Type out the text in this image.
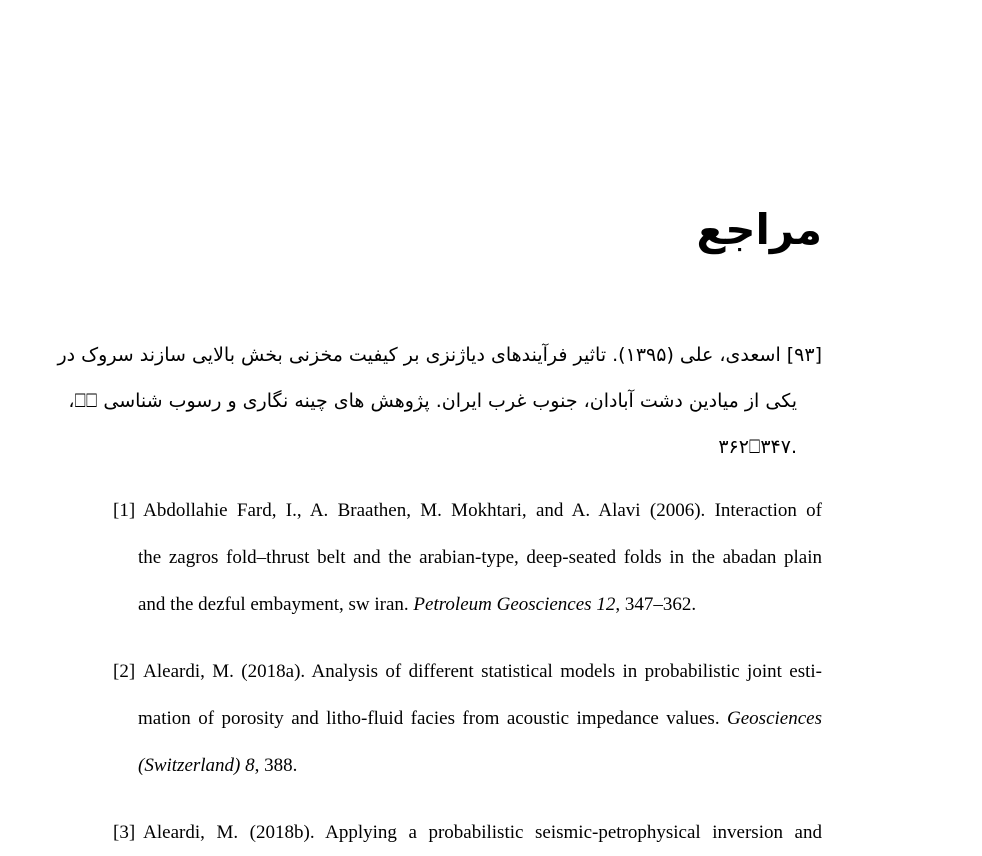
مراجع
[۹۳]اسعدی، علی (۱۳۹۵). تاثیر فرآیندهای دیاژنزی بر کیفیت مخزنی بخش بالایی سازند سروک در
یکی از میادین دشت آبادان، جنوب غرب ایران. پژوهش های چینه نگاری و رسوب شناسی ⎕⎕،
.۳۶۲⎕۳۴۷
[1] Abdollahie Fard, I., A. Braathen, M. Mokhtari, and A. Alavi (2006). Interaction of
the zagros fold–thrust belt and the arabian-type, deep-seated folds in the abadan plain
and the dezful embayment, sw iran. Petroleum Geosciences 12, 347–362.
[2] Aleardi, M. (2018a). Analysis of different statistical models in probabilistic joint esti-
mation of porosity and litho-fluid facies from acoustic impedance values. Geosciences
(Switzerland) 8, 388.
[3] Aleardi, M. (2018b). Applying a probabilistic seismic-petrophysical inversion and
